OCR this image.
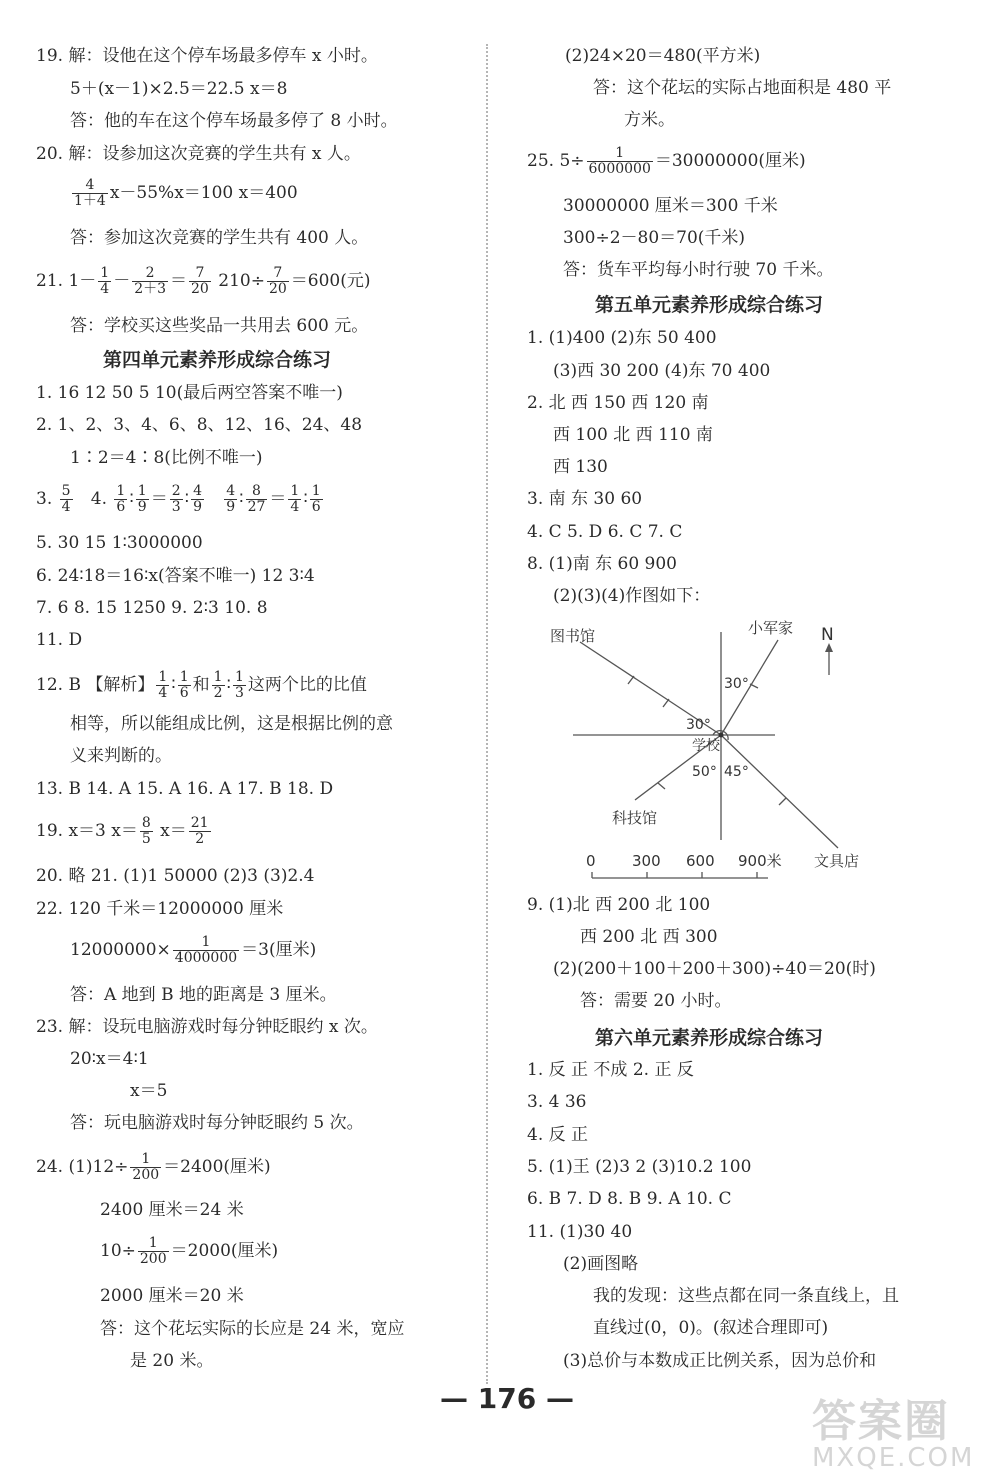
19. 解：设他在这个停车场最多停车 x 小时。
5＋(x－1)×2.5＝22.5 x＝8
答：他的车在这个停车场最多停了 8 小时。
20. 解：设参加这次竞赛的学生共有 x 人。
$\frac{4}{1+4} x-55\%x=100$ x＝400
答：参加这次竞赛的学生共有 400 人。
21. $1- \frac{1}{4} - \frac{2}{2+3} = \frac{7}{20} 210\div \frac{7}{20} =600$(元)
答：学校买这些奖品一共用去 600 元。
第四单元素养形成综合练习
1. 16 12 50 5 10(最后两空答案不唯一)
2. 1、2、3、4、6、8、12、16、24、48
1∶2＝4∶8(比例不唯一)
3. $\frac{5}{4} 4$. $\frac{1}{6}$ ∶ $\frac{1}{9} = \frac{2}{3}$ ∶ $\frac{4}{9}$
$\frac{4}{9}$ ∶ $\frac{8}{27} = \frac{1}{4}$ ∶ $\frac{1}{6}$
5. 30 15 1∶3000000
6. 24∶18＝16∶x(答案不唯一) 12 3∶4
7. 6 8. 15 1250 9. 2∶3 10. 8
11. D
12. B 【解析】 $\frac{1}{4}$ ∶ $\frac{1}{6}$ 和 $\frac{1}{2}$ ∶ $\frac{1}{3}$ 这两个比的比值
相等，所以能组成比例，这是根据比例的意
义来判断的。
13. B 14. A 15. A 16. A 17. B 18. D
19. x＝3 $x= \frac{8}{5} x= \frac{21}{2}$
20. 略 21. (1)1 50000 (2)3 (3)2.4
22. 120 千米＝12000000 厘米
$12000000\times \frac{1}{4000000} =3$(厘米)
答：A 地到 B 地的距离是 3 厘米。
23. 解：设玩电脑游戏时每分钟眨眼约 x 次。
20∶x＝4∶1
x＝5
答：玩电脑游戏时每分钟眨眼约 5 次。
24. $(1)12\div \frac{1}{200} =2400$(厘米)
2400 厘米＝24 米
$10\div \frac{1}{200} =2000$(厘米)
2000 厘米＝20 米
答：这个花坛实际的长应是 24 米，宽应
是 20 米。
(2)24×20＝480(平方米)
答：这个花坛的实际占地面积是 480 平
方米。
25. $5\div \frac{1}{6000000} =30000000$(厘米)
30000000 厘米＝300 千米
300÷2－80＝70(千米)
答：货车平均每小时行驶 70 千米。
第五单元素养形成综合练习
1. (1)400 (2)东 50 400
(3)西 30 200 (4)东 70 400
2. 北 西 150 西 120 南
西 100 北 西 110 南
西 130
3. 南 东 30 60
4. C 5. D 6. C 7. C
8. (1)南 东 60 900
(2)(3)(4)作图如下：
图书馆	小军家 N
30°
30°
学校
50° 45°
科技馆
文具店
0 300 600 900米
9. (1)北 西 200 北 100
西 200 北 西 300
(2)(200＋100＋200＋300)÷40＝20(时)
答：需要 20 小时。
第六单元素养形成综合练习
1. 反 正 不成 2. 正 反
3. 4 36
4. 反 正
5. (1)王 (2)3 2 (3)10.2 100
6. B 7. D 8. B 9. A 10. C
11. (1)30 40
(2)画图略
我的发现：这些点都在同一条直线上，且
直线过(0，0)。(叙述合理即可)
(3)总价与本数成正比例关系，因为总价和
— 176 —	答案圈
MXQE.COM
